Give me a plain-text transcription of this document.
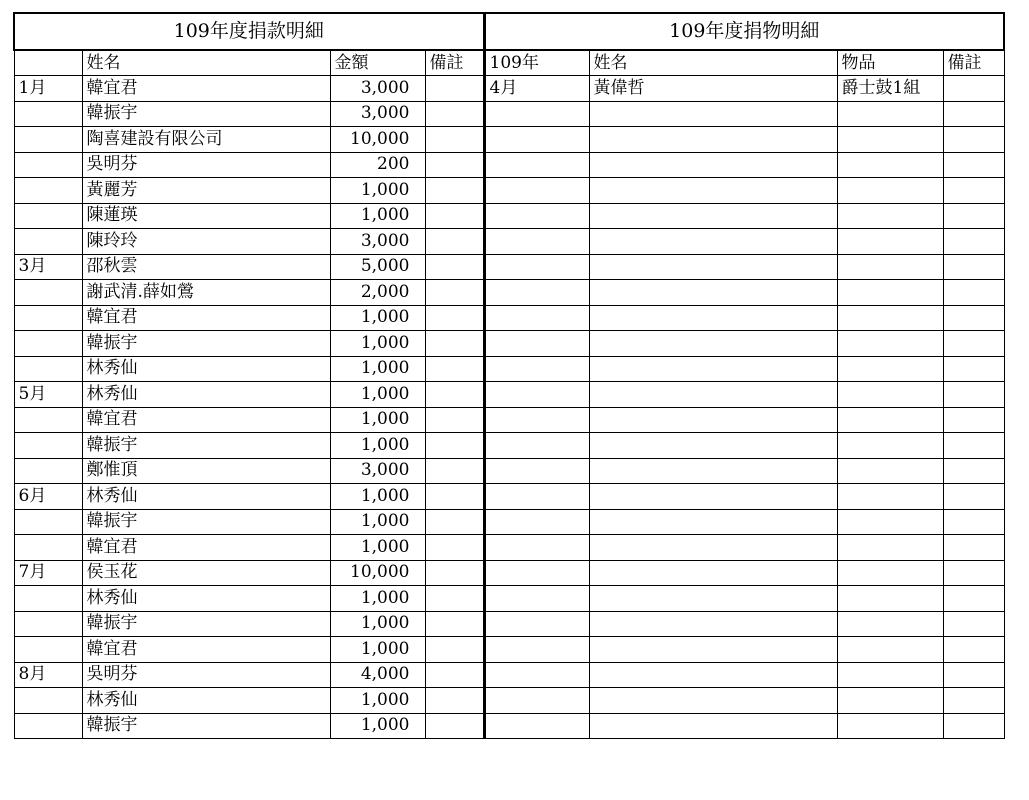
109年度捐款明細				109年度捐物明細			
	姓名	金額	備註	109年	姓名	物品	備註
1月	韓宜君	3,000		4月	黃偉哲	爵士鼓1組	
	韓振宇	3,000					
	陶喜建設有限公司	10,000					
	吳明芬	200					
	黃麗芳	1,000					
	陳蓮瑛	1,000					
	陳玲玲	3,000					
3月	邵秋雲	5,000					
	謝武清.薛如鶯	2,000					
	韓宜君	1,000					
	韓振宇	1,000					
	林秀仙	1,000					
5月	林秀仙	1,000					
	韓宜君	1,000					
	韓振宇	1,000					
	鄭惟頂	3,000					
6月	林秀仙	1,000					
	韓振宇	1,000					
	韓宜君	1,000					
7月	侯玉花	10,000					
	林秀仙	1,000					
	韓振宇	1,000					
	韓宜君	1,000					
8月	吳明芬	4,000					
	林秀仙	1,000					
	韓振宇	1,000					
